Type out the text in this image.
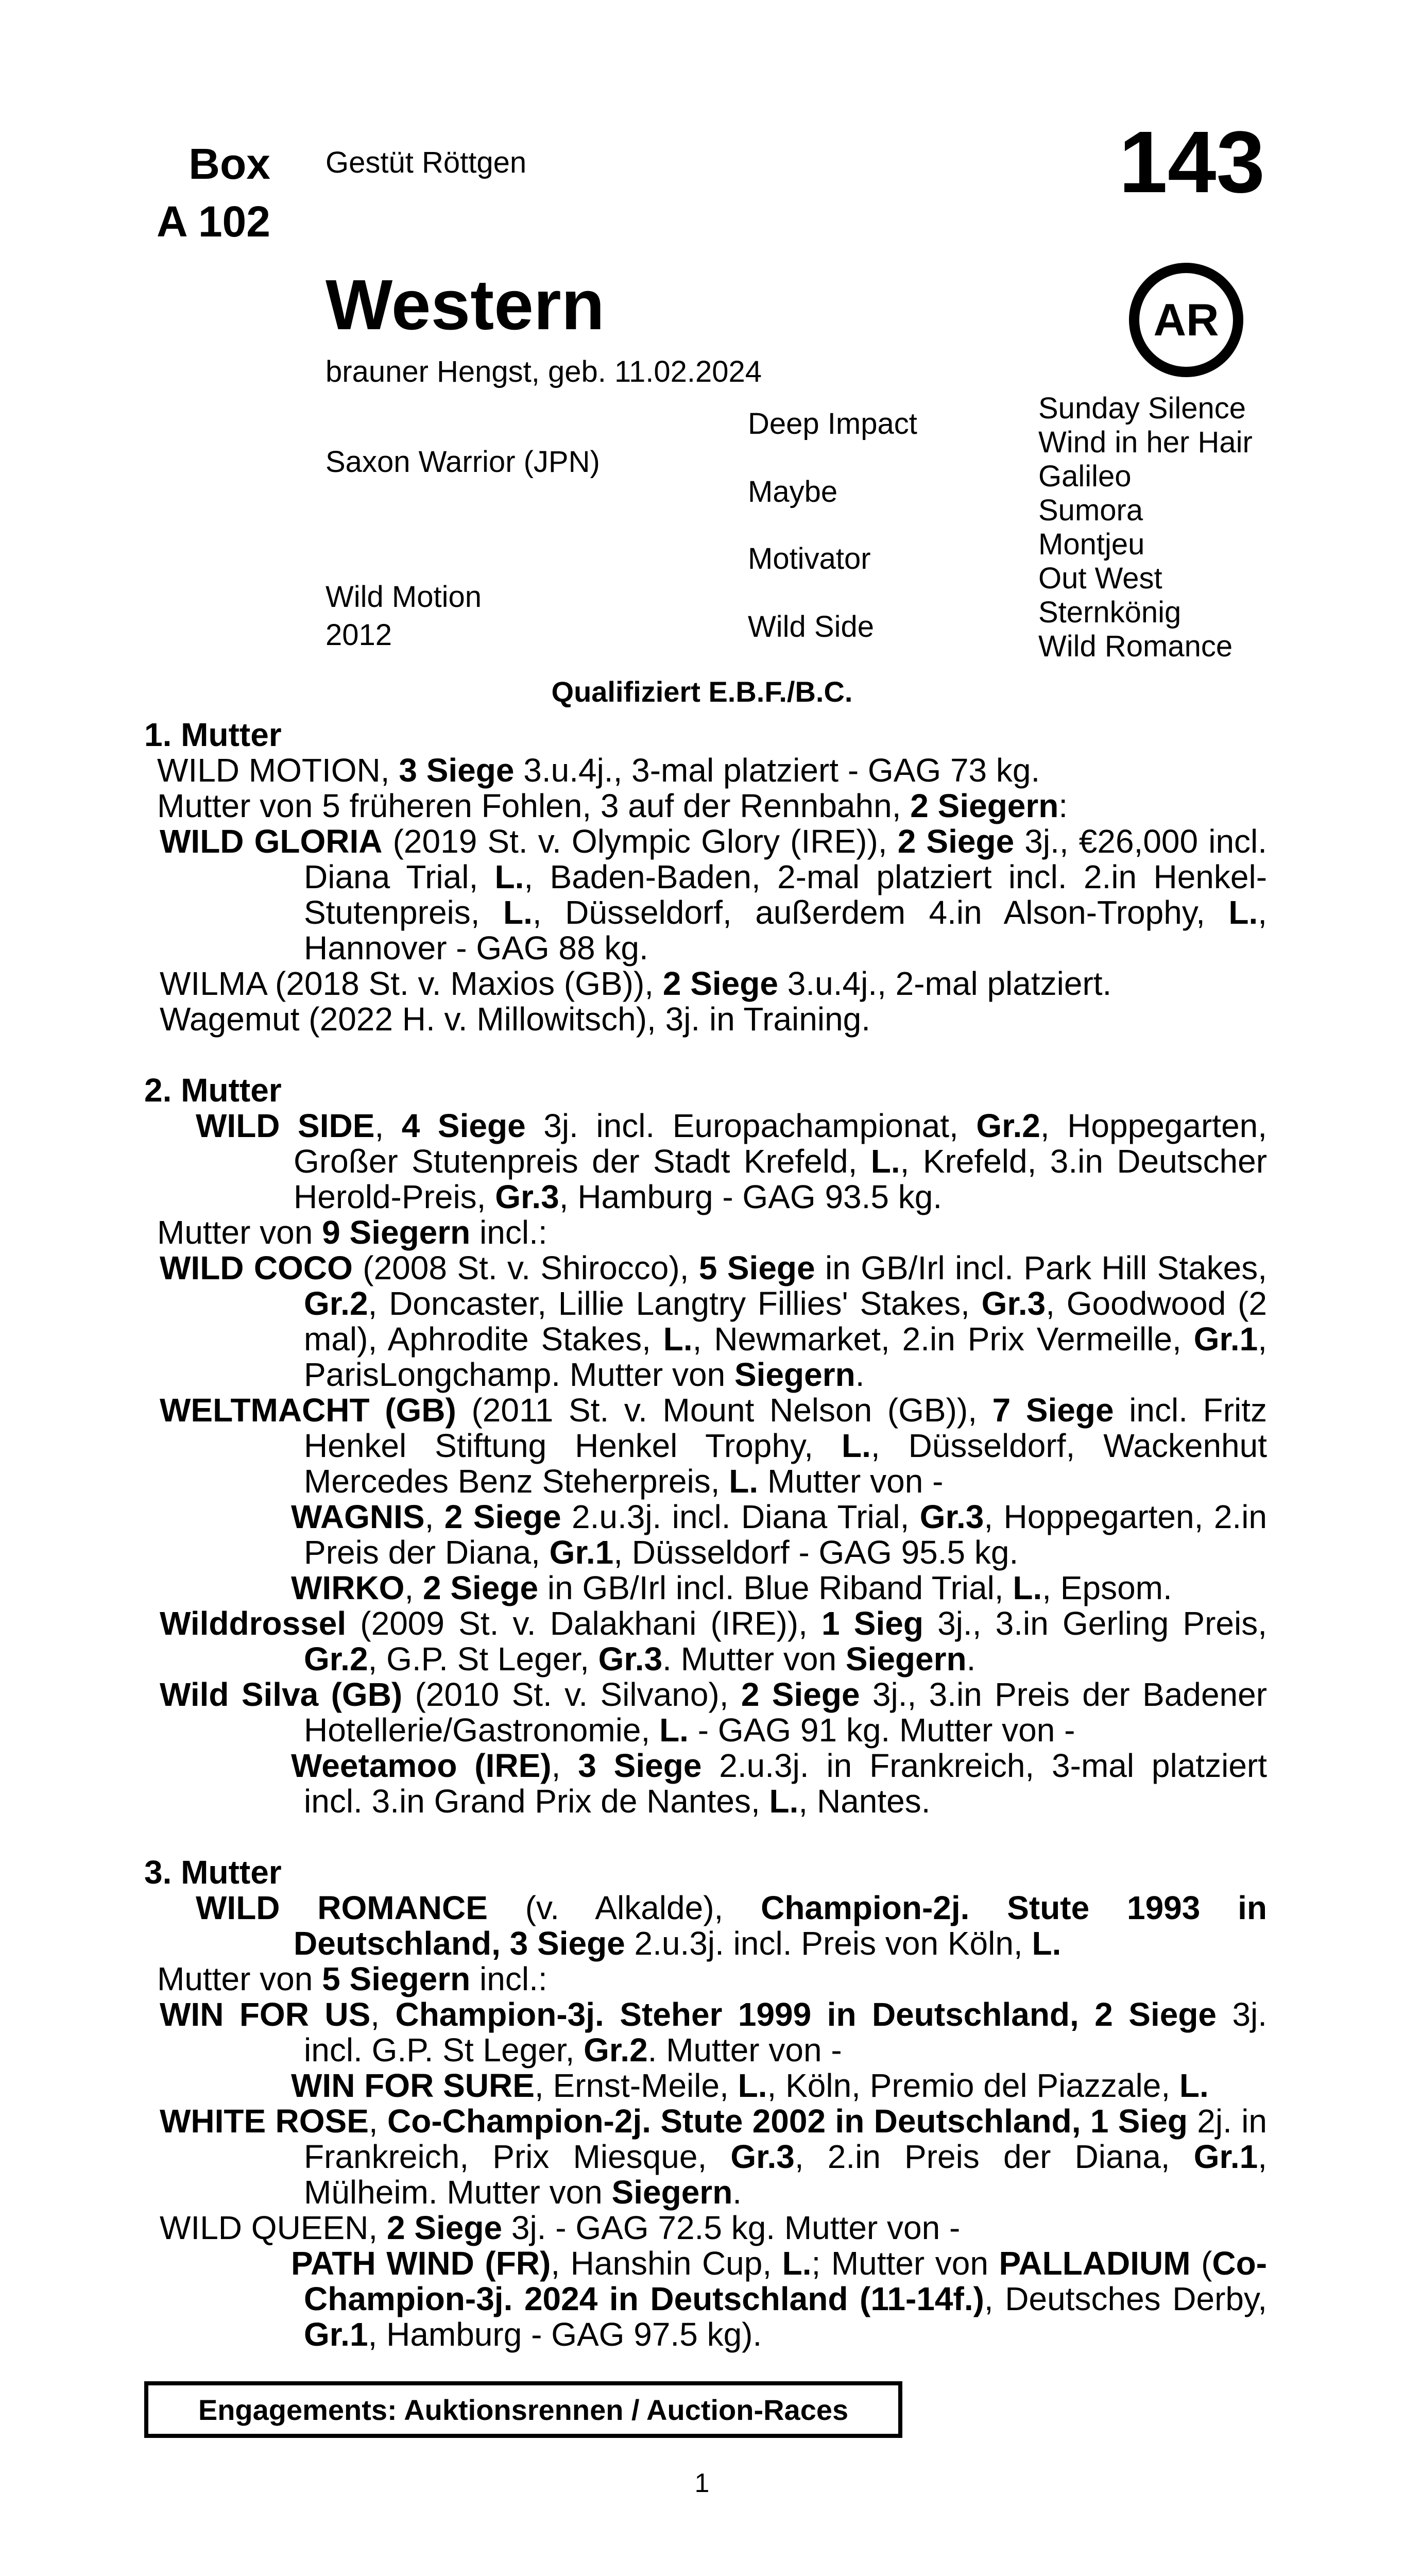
Box
A 102
Gestüt Röttgen	143
AR
Western
brauner Hengst, geb. 11.02.2024
Saxon Warrior (JPN)
Wild Motion
2012
Deep Impact
Maybe
Motivator
Wild Side
Sunday Silence
Wind in her Hair
Galileo
Sumora
Montjeu
Out West
Sternkönig
Wild Romance
Qualifiziert E.B.F./B.C.
1. Mutter
WILD MOTION, 3 Siege 3.u.4j., 3-mal platziert - GAG 73 kg.
Mutter von 5 früheren Fohlen, 3 auf der Rennbahn, 2 Siegern:
WILD GLORIA (2019 St. v. Olympic Glory (IRE)), 2 Siege 3j., €26,000 incl. Diana Trial, L., Baden-Baden, 2-mal platziert incl. 2.in Henkel-Stutenpreis, L., Düsseldorf, außerdem 4.in Alson-Trophy, L., Hannover - GAG 88 kg.
WILMA (2018 St. v. Maxios (GB)), 2 Siege 3.u.4j., 2-mal platziert.
Wagemut (2022 H. v. Millowitsch), 3j. in Training.
2. Mutter
WILD SIDE, 4 Siege 3j. incl. Europachampionat, Gr.2, Hoppegarten, Großer Stutenpreis der Stadt Krefeld, L., Krefeld, 3.in Deutscher Herold-Preis, Gr.3, Hamburg - GAG 93.5 kg.
Mutter von 9 Siegern incl.:
WILD COCO (2008 St. v. Shirocco), 5 Siege in GB/Irl incl. Park Hill Stakes, Gr.2, Doncaster, Lillie Langtry Fillies' Stakes, Gr.3, Goodwood (2 mal), Aphrodite Stakes, L., Newmarket, 2.in Prix Vermeille, Gr.1, ParisLongchamp. Mutter von Siegern.
WELTMACHT (GB) (2011 St. v. Mount Nelson (GB)), 7 Siege incl. Fritz Henkel Stiftung Henkel Trophy, L., Düsseldorf, Wackenhut Mercedes Benz Steherpreis, L. Mutter von -
WAGNIS, 2 Siege 2.u.3j. incl. Diana Trial, Gr.3, Hoppegarten, 2.in Preis der Diana, Gr.1, Düsseldorf - GAG 95.5 kg.
WIRKO, 2 Siege in GB/Irl incl. Blue Riband Trial, L., Epsom.
Wilddrossel (2009 St. v. Dalakhani (IRE)), 1 Sieg 3j., 3.in Gerling Preis, Gr.2, G.P. St Leger, Gr.3. Mutter von Siegern.
Wild Silva (GB) (2010 St. v. Silvano), 2 Siege 3j., 3.in Preis der Badener Hotellerie/Gastronomie, L. - GAG 91 kg. Mutter von -
Weetamoo (IRE), 3 Siege 2.u.3j. in Frankreich, 3-mal platziert incl. 3.in Grand Prix de Nantes, L., Nantes.
3. Mutter
WILD ROMANCE (v. Alkalde), Champion-2j. Stute 1993 in Deutschland, 3 Siege 2.u.3j. incl. Preis von Köln, L.
Mutter von 5 Siegern incl.:
WIN FOR US, Champion-3j. Steher 1999 in Deutschland, 2 Siege 3j. incl. G.P. St Leger, Gr.2. Mutter von -
WIN FOR SURE, Ernst-Meile, L., Köln, Premio del Piazzale, L.
WHITE ROSE, Co-Champion-2j. Stute 2002 in Deutschland, 1 Sieg 2j. in Frankreich, Prix Miesque, Gr.3, 2.in Preis der Diana, Gr.1, Mülheim. Mutter von Siegern.
WILD QUEEN, 2 Siege 3j. - GAG 72.5 kg. Mutter von -
PATH WIND (FR), Hanshin Cup, L.; Mutter von PALLADIUM (Co-Champion-3j. 2024 in Deutschland (11-14f.), Deutsches Derby, Gr.1, Hamburg - GAG 97.5 kg).
Engagements: Auktionsrennen / Auction-Races
1
